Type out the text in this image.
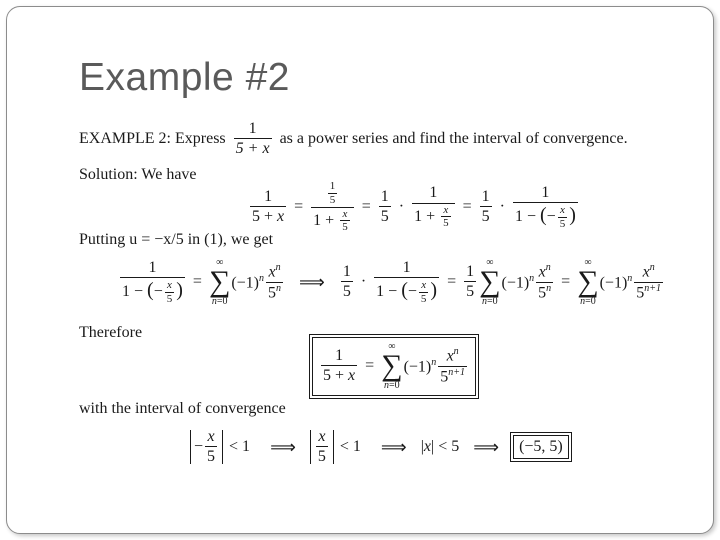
Example #2
EXAMPLE 2: Express $\frac{1}{5 + x}$ as a power series and find the interval of convergence.
Solution: We have
$\frac{1}{5 + x} = \frac{\frac{1}{5}}{1 + \frac{x}{5}} = \frac{1}{5} \cdot \frac{1}{1 + \frac{x}{5}} = \frac{1}{5}$ ·
1
1 − (− $\frac{x}{5}$ )
Putting u = −x/5 in (1), we get
$\frac{1}{1 - (- \frac{x}{5} )}$ =
∞
∑
n=0
$(-1)^n$ $x^n$
5$^n$ ⟹
1
5
· $\frac{1}{1 - (- \frac{x}{5} )} = \frac{1}{5}$
∞
∑
n=0
$(-1)^n \frac{x^n}{5^n}$ =
∞
∑
n=0
$(-1)^n$ $x^n$
$5^{n+1}$
Therefore
$\frac{1}{5 + x}$ =
∞
∑
n=0
$(-1)^n$ $x^n$
$5^{n+1}$
with the interval of convergence
−
x
5
< 1 ⟹
x
5
< 1 ⟹ |x| < 5 ⟹	(−5, 5)
